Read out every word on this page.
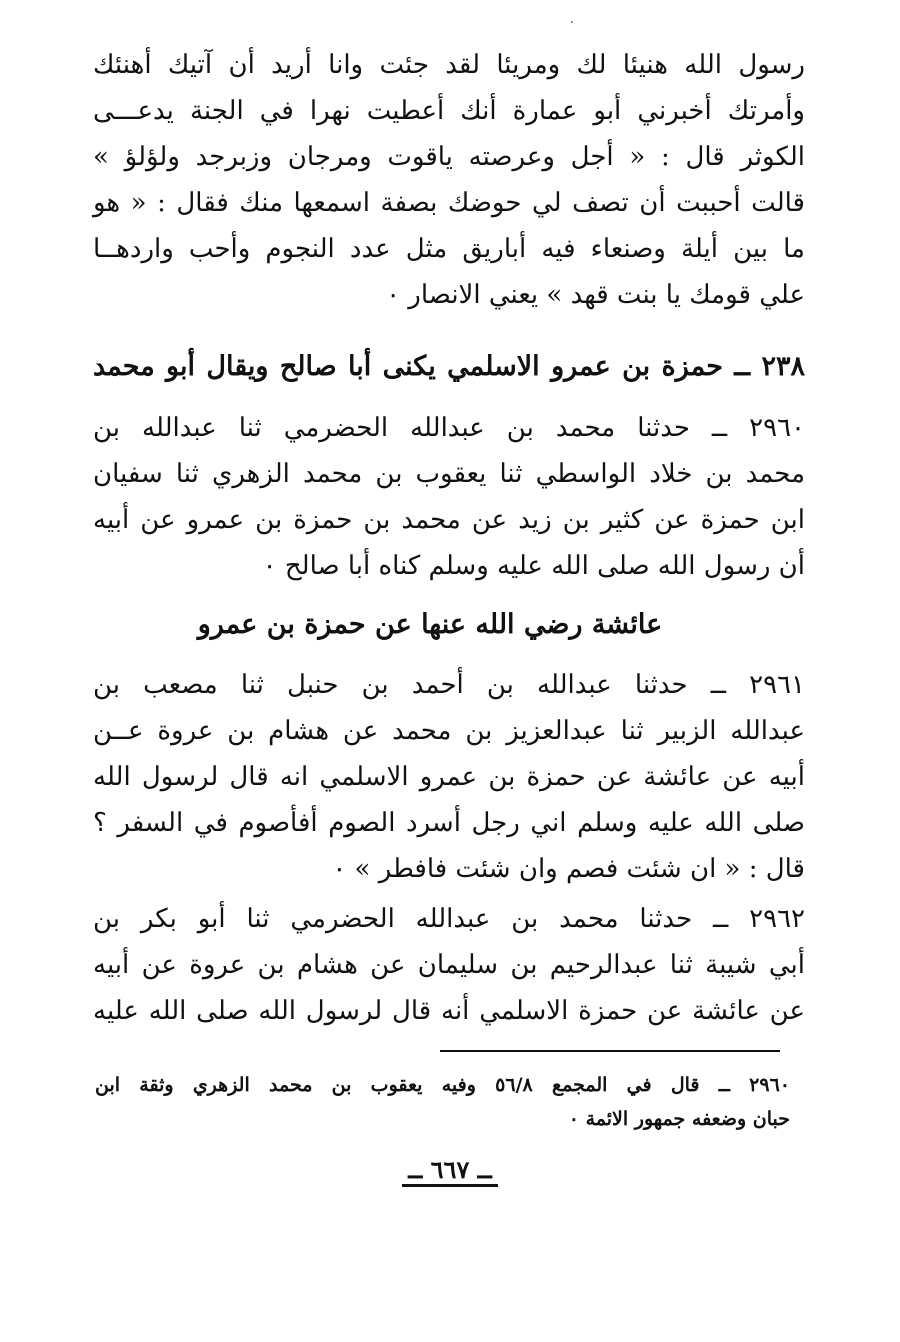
٠
رسول الله هنيئا لك ومريئا لقد جئت وانا أريد أن آتيك أهنئك
وأمرتك أخبرني أبو عمارة أنك أعطيت نهرا في الجنة يدعـــى
الكوثر قال : « أجل وعرصته ياقوت ومرجان وزبرجد ولؤلؤ »
قالت أحببت أن تصف لي حوضك بصفة اسمعها منك فقال : « هو
ما بين أيلة وصنعاء فيه أباريق مثل عدد النجوم وأحب واردهــا
علي قومك يا بنت قهد » يعني الانصار ٠
٢٣٨ ــ حمزة بن عمرو الاسلمي يكنى أبا صالح ويقال أبو محمد
٢٩٦٠ ــ حدثنا محمد بن عبدالله الحضرمي ثنا عبدالله بن
محمد بن خلاد الواسطي ثنا يعقوب بن محمد الزهري ثنا سفيان
ابن حمزة عن كثير بن زيد عن محمد بن حمزة بن عمرو عن أبيه
أن رسول الله صلى الله عليه وسلم كناه أبا صالح ٠
عائشة رضي الله عنها عن حمزة بن عمرو
٢٩٦١ ــ حدثنا عبدالله بن أحمد بن حنبل ثنا مصعب بن
عبدالله الزبير ثنا عبدالعزيز بن محمد عن هشام بن عروة عــن
أبيه عن عائشة عن حمزة بن عمرو الاسلمي انه قال لرسول الله
صلى الله عليه وسلم اني رجل أسرد الصوم أفأصوم في السفر ؟
قال : « ان شئت فصم وان شئت فافطر » ٠
٢٩٦٢ ــ حدثنا محمد بن عبدالله الحضرمي ثنا أبو بكر بن
أبي شيبة ثنا عبدالرحيم بن سليمان عن هشام بن عروة عن أبيه
عن عائشة عن حمزة الاسلمي أنه قال لرسول الله صلى الله عليه
٢٩٦٠ ــ قال في المجمع ٥٦/٨ وفيه يعقوب بن محمد الزهري وثقة ابن
حبان وضعفه جمهور الائمة ٠
ــ ٦٦٧ ــ
